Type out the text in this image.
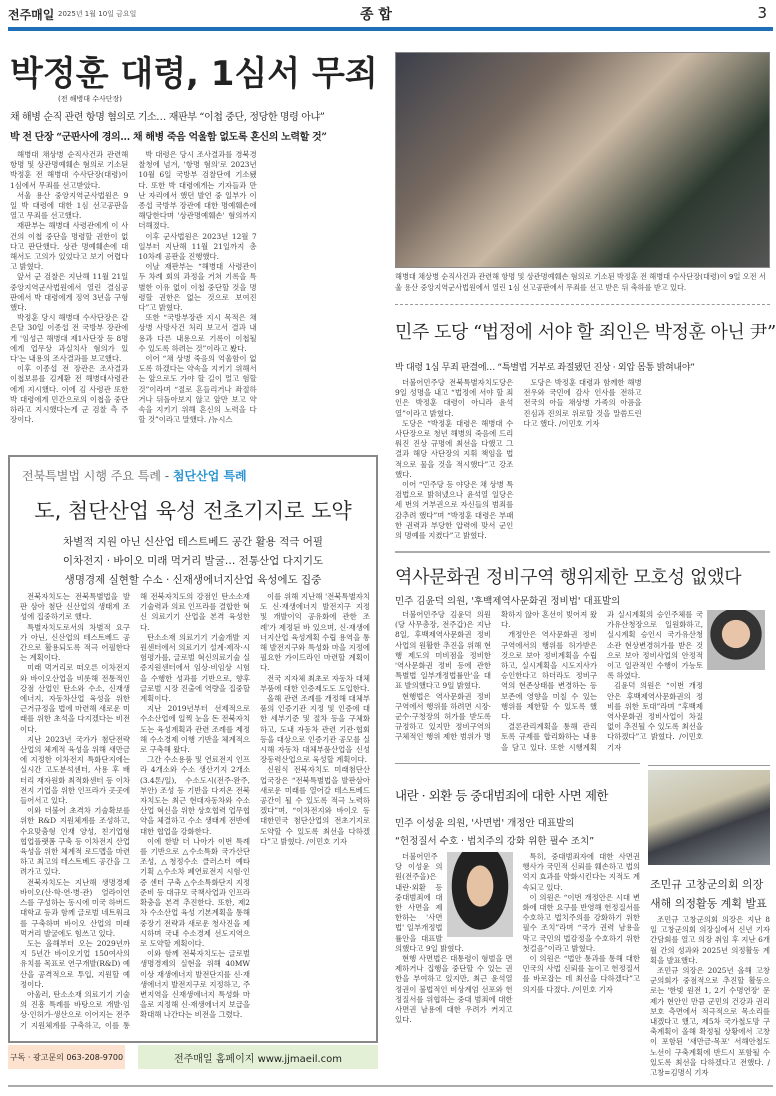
전주매일 2025년 1월 10일 금요일	종 합	3
박정훈 대령, 1심서 무죄
(전 해병대 수사단장)
채 해병 순직 관련 항명 혐의로 기소… 재판부 “이첩 중단, 정당한 명령 아냐”
박 전 단장 “군판사에 경의… 채 해병 죽음 억울함 없도록 혼신의 노력할 것”

해병대 채상병 순직사건과 관련해 항명 및 상관명예훼손 혐의로 기소된 박정훈 전 해병대 수사단장(대령)이 1심에서 무죄를 선고받았다.

서울 용산 중앙지역군사법원은 9일 박 대령에 대한 1심 선고공판을 열고 무죄를 선고했다.

재판부는 해병대 사령관에게 이 사건의 이첩 중단을 명령할 권한이 없다고 판단했다. 상관 명예훼손에 대해서도 고의가 있었다고 보기 어렵다고 밝혔다.

앞서 군 검찰은 지난해 11월 21일 중앙지역군사법원에서 열린 결심공판에서 박 대령에게 징역 3년을 구형했다.

박정훈 당시 해병대 수사단장은 같은달 30일 이종섭 전 국방부 장관에게 '임성근 해병대 제1사단장 등 8명에게 업무상 과실치사 혐의가 있다'는 내용의 조사결과를 보고했다.

이후 이종섭 전 장관은 조사결과 이첩보류를 김계환 전 해병대사령관에게 지시했다. 이에 김 사령관 또한 박 대령에게 민간으로의 이첩을 중단하라고 지시했다는게 군 검찰 측 주장이다.

박 대령은 당시 조사결과를 경북경찰청에 넘겨, '항명 혐의'로 2023년 10월 6일 국방부 검찰단에 기소됐다. 또한 박 대령에게는 기자들과 만난 자리에서 했던 발언 중 일부가 이종섭 국방부 장관에 대한 명예훼손에 해당한다며 '상관명예훼손' 혐의까지 더해졌다.

이후 군사법원은 2023년 12월 7일부터 지난해 11월 21일까지 총 10차례 공판을 진행했다.

이날 재판부는 “해병대 사령관이 두 차례 회의 과정을 거쳐 기록을 특별한 이유 없이 이첩 중단할 것을 명령할 권한은 없는 것으로 보여진다”고 밝혔다.

또한 “국방부장관 지시 목적은 채상병 사망사건 처리 보고서 결과 내용과 다른 내용으로 기록이 이첩될 수 있도록 하려는 것”이라고 봤다.

이어 “채 상병 죽음의 억울함이 없도록 하겠다는 약속을 지키기 위해서는 앞으로도 가야 할 길이 멀고 험할 것”이라며 “절로 흔들리거나 좌절하거나 뒤돌아보지 않고 앞만 보고 약속을 지키기 위해 혼신의 노력을 다할 것”이라고 말했다. /뉴시스

해병대 채상병 순직사건과 관련해 항명 및 상관명예훼손 혐의로 기소된 박정훈 전 해병대 수사단장(대령)이 9일 오전 서울 용산 중앙지역군사법원에서 열린 1심 선고공판에서 무죄를 선고 받은 뒤 축하를 받고 있다.
민주 도당 “법정에 서야 할 죄인은 박정훈 아닌 尹”
박 대령 1심 무죄 판결에… “특별법 거부로 좌절됐던 진상 · 외압 몸통 밝혀내야”

더불어민주당 전북특별자치도당은 9일 성명을 내고 “법정에 서야 할 죄인은 박정훈 대령이 아니라 윤석열”이라고 밝혔다.

도당은 “박정훈 대령은 해병대 수사단장으로 청년 해병의 죽음에 드리워진 진상 규명에 최선을 다했고 그 결과 해당 사단장의 지휘 책임을 법적으로 물을 것을 적시했다”고 강조했다.

이어 “민주당 등 야당은 채 상병 특검법으로 밝혀냈으나 윤석열 일당은 세 번의 거부권으로 자신들의 범죄를 감추려 했다”며 “박정훈 대령은 부패한 권력과 부당한 압력에 맞서 군인의 명예를 지켰다”고 밝혔다.

도당은 박정훈 대령과 함께한 해병 전우와 국민에 감사 인사를 전하고 전국의 아들 채상병 가족의 아픔을 진심과 진의로 위로할 것을 말씀드린다고 했다. /이민호 기자

전북특별법 시행 주요 특례 - 첨단산업 특례
도, 첨단산업 육성 전초기지로 도약
차별적 지원 아닌 신산업 테스트베드 공간 활용 적극 어필
이차전지 · 바이오 미래 먹거리 발굴… 전통산업 다지기도
생명경제 실현할 수소 · 신재생에너지산업 육성에도 집중

전북자치도는 전북특별법을 발판 삼아 첨단 신산업의 생태계 조성에 집중하기로 했다.

특별자치도로서의 차별적 요구가 아닌, 신산업의 테스트베드 공간으로 활용되도록 적극 어필한다는 계획이다.

미래 먹거리로 떠오른 이차전지와 바이오산업을 비롯해 전통적인 강점 산업인 탄소와 수소, 신재생에너지, 자동차산업 육성을 위한 근거규정을 법에 마련해 새로운 미래를 위한 초석을 다지겠다는 비전이다.

지난 2023년 국가가 첨단전략산업의 체계적 육성을 위해 새만금에 지정한 이차전지 특화단지에는 실시간 고도분석센터, 사용 후 배터리 재자원화 최적화센터 등 이차전지 기업을 위한 인프라가 곳곳에 들어서고 있다.

이와 더불어 초격차 기술확보를 위한 R&D 지원체계를 조성하고, 수요맞춤형 인재 양성, 친기업형 협업플랫폼 구축 등 이차전지 산업육성을 위한 체계적 로드맵을 마련하고 최고의 테스트베드 공간을 그려가고 있다.

전북자치도는 지난해 생명경제 바이오(산·학·연·병·관) 얼라이언스를 구성하는 동시에 미국 하버드대학교 등과 함께 글로벌 네트워크를 구축하며 바이오 산업의 미래 먹거리 발굴에도 힘쓰고 있다.

도는 올해부터 오는 2029년까지 5년간 바이오기업 150여사의 유치를 목표로 연구개발(R&D) 예산을 공격적으로 투입, 지원할 예정이다.

아울러, 탄소소재 의료기기 기술의 진흥 특례를 바탕으로 개발·임상·인허가·생산으로 이어지는 전주기 지원체계를 구축하고, 이를 통해 전북자치도의 강점인 탄소소재 기술력과 의료 인프라를 결합한 혁신 의료기기 산업을 본격 육성한다.

탄소소재 의료기기 기술개발 지원센터에서 의료기기 설계·제작·시험평가를, 글로벌 혁신의료기술 실증지원센터에서 임상·비임상 시험을 수행한 성과를 기반으로, 향후 글로벌 시장 진출에 역량을 집중할 계획이다.

지난 2019년부터 선제적으로 수소산업에 일찍 눈을 돈 전북자치도는 육성계획과 관련 조례를 제정해 수소경제 이행 기반을 체계적으로 구축해 왔다.

그간 수소용품 및 연료전지 인프라 4개소와 수소 생산기지 2개소(3.4톤/일), 수소도시(전주·완주, 부안) 조성 등 기반을 다져온 전북자치도는 최근 현대자동차와 수소산업 혁신을 위한 상호협력 업무협약을 체결하고 수소 생태계 전반에 대한 협업을 강화한다.

이에 한발 더 나아가 이번 특례를 기반으로 △수소특화 국가산단 조성, △청정수소 클러스터 예타 기획 △수소차 폐연료전지 시험·인증 센터 구축 △수소특화단지 지정 준비 등 대규모 국책사업과 인프라 확충을 본격 추진한다. 또한, 제2차 수소산업 육성 기본계획을 통해 중장기 전략과 새로운 청사진을 제시하며 국내 수소경제 선도지역으로 도약할 계획이다.

이와 함께 전북자치도는 글로벌 생명경제의 실현을 위해 40MW이상 재생에너지 발전단지를 신·재생에너지 발전지구로 지정하고, 주변지역을 신재생에너지 특성화 마을로 지정해 신·재생에너지 보급을 확대해 나간다는 비전을 그렸다.

이를 위해 지난해 '전북특별자치도 신·재생에너지 발전지구 지정 및 개발이익 공유화에 관한 조례'가 제정된 바 있으며, 신·재생에너지산업 육성계획 수립 용역을 통해 발전지구와 특성화 마을 지정에 필요한 가이드라인 마련할 계획이다.

전국 지자체 최초로 자동차 대체부품에 대한 인증제도도 도입한다.

올해 관련 조례를 개정해 대체부품의 인증기관 지정 및 인증에 대한 세부기준 및 절차 등을 구체화하고, 도내 자동차 관련 기관·협회 등을 대상으로 인증기관 공모를 실시해 자동차 대체부품산업을 신성장동력산업으로 육성할 계획이다.

신원식 전북자치도 미래첨단산업국장은 “전북특별법을 발판삼아 새로운 미래를 열어갈 테스트베드 공간이 될 수 있도록 적극 노력하겠다”며, “이차전지와 바이오 등 대한민국 첨단산업의 전초기지로 도약할 수 있도록 최선을 다하겠다”고 밝혔다. /이민호 기자

역사문화권 정비구역 행위제한 모호성 없앴다
민주 김윤덕 의원, '후백제역사문화권 정비법' 대표발의

더불어민주당 김윤덕 의원(당 사무총장, 전주갑)은 지난 8일, 후백제역사문화권 정비사업의 원활한 추진을 위해 현행 제도의 미비점을 정비한 '역사문화권 정비 등에 관한 특별법 일부개정법률안'을 대표 발의했다고 9일 밝혔다.

현행법은 역사문화권 정비구역에서 행위를 하려면 시장·군수·구청장의 허가를 받도록 규정하고 있지만 정비구역의 구체적인 행위 제한 범위가 명확하지 않아 혼선이 빚어져 왔다.

개정안은 역사문화권 정비구역에서의 행위를 허가받은 것으로 보아 정비계획을 수립하고, 실시계획을 시도지사가 승인한다고 하더라도 정비구역의 현존상태를 변경하는 등 보존에 영향을 미칠 수 있는 행위를 제한할 수 있도록 했다.

결론관리계획을 통해 관리토록 규제를 합리화하는 내용을 담고 있다. 또한 시행계획과 실시계획의 승인주체를 국가유산청장으로 일원화하고, 실시계획 승인시 국가유산청 소관 현상변경허가를 받은 것으로 보아 정비사업의 안정적이고 일관적인 수행이 가능토록 하였다.

김윤덕 의원은 “이번 개정안은 후백제역사문화권의 정비를 위한 토대”라며 “후백제 역사문화권 정비사업이 차질 없이 추진될 수 있도록 최선을 다하겠다”고 밝혔다. /이민호 기자

내란 · 외환 등 중대범죄에 대한 사면 제한
민주 이성윤 의원, '사면법' 개정안 대표발의
“헌정질서 수호 · 법치주의 강화 위한 필수 조치”

더불어민주당 이성윤 의원(전주을)은 내란·외환 등 중대범죄에 대한 사면을 제한하는 '사면법' 일부개정법률안을 대표발의했다고 9일 밝혔다.

현행 사면법은 대통령이 형벌을 면제하거나 집행을 중단할 수 있는 권한을 부여하고 있지만, 최근 윤석열 정권이 불법적인 비상계엄 선포와 헌정질서를 위협하는 중대 범죄에 대한 사면권 남용에 대한 우려가 커지고 있다.

특히, 중대범죄자에 대한 사면권 행사가 국민적 신뢰를 훼손하고 법의 억지 효과를 약화시킨다는 지적도 계속되고 있다.

이 의원은 “이번 개정안은 시대 변화에 대한 요구를 반영해 헌정질서를 수호하고 법치주의를 강화하기 위한 필수 조치”라며 “국가 권력 남용을 막고 국민의 법감정을 수호하기 위한 첫걸음”이라고 밝혔다.

이 의원은 “법안 통과를 통해 대한민국의 사법 신뢰를 높이고 헌정질서를 바로잡는 데 최선을 다하겠다”고 의지를 다졌다. /이민호 기자

조민규 고창군의회 의장
새해 의정활동 계획 발표

조민규 고창군의회 의장은 지난 8일 고창군의회 의장실에서 신년 기자간담회를 열고 의장 취임 후 지난 6개월 간의 성과와 2025년 의정활동 계획을 발표했다.

조민규 의장은 2025년 올해 고창군의회가 중점적으로 추진할 활동으로는 '한빛 원전 1, 2기 수명연장' 문제가 현안인 만큼 군민의 건강과 권리 보호 측면에서 적극적으로 목소리를 내겠다고 했고, 제5차 국가철도망 구축계획이 올해 확정될 상황에서 고창이 포함된 '새만금-목포' 서해안철도 노선이 구축계획에 반드시 포함될 수 있도록 최선을 다하겠다고 전했다. /고창=김명식 기자

구독 · 광고문의 063-208-9700	전주매일 홈페이지 www.jjmaeil.com
